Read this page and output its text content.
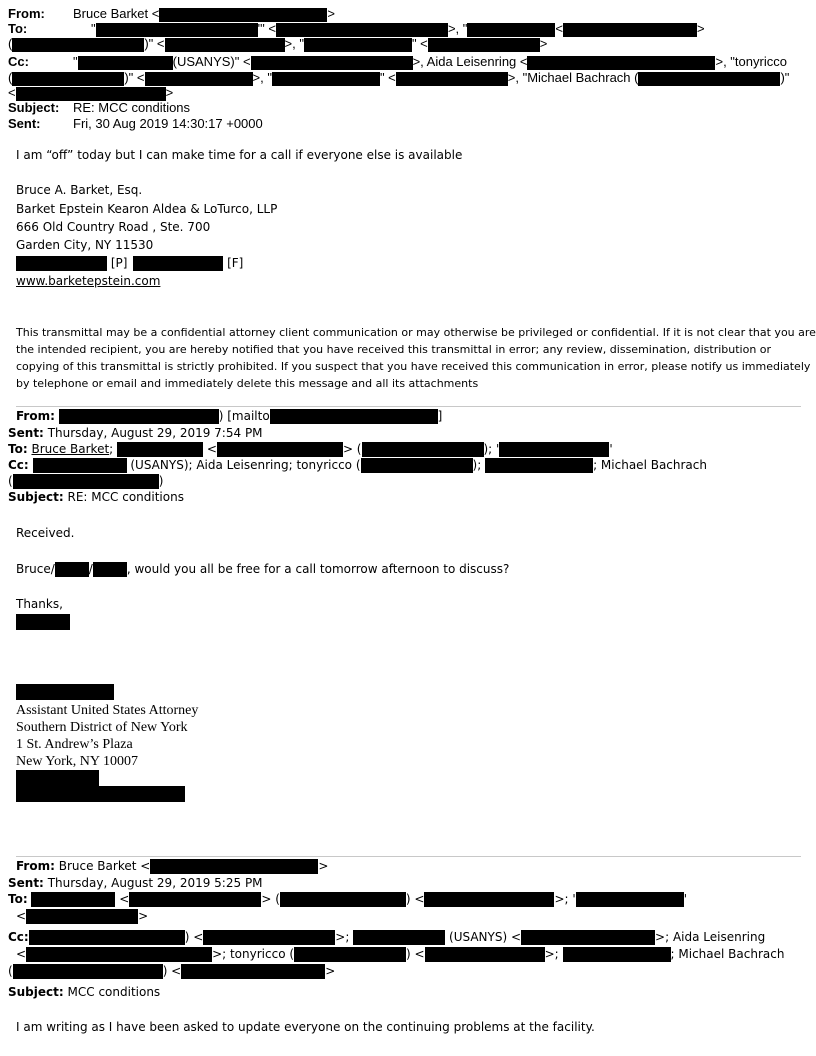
From: Bruce Barket <	>
To:	"	'" <	>, "	<	>
(	)" <	>, "	" <	>
Cc:	"	(USANYS)" <	>, Aida Leisenring <	>, "tonyricco
(	)" <	>, "	" <	>, "Michael Bachrach (	)"
<	>
Subject: RE: MCC conditions
Sent:	Fri, 30 Aug 2019 14:30:17 +0000
I am “off” today but I can make time for a call if everyone else is available
Bruce A. Barket, Esq.
Barket Epstein Kearon Aldea & LoTurco, LLP
666 Old Country Road , Ste. 700
Garden City, NY 11530
[P]	[F]
www.barketepstein.com
This transmittal may be a confidential attorney client communication or may otherwise be privileged or confidential. If it is not clear that you are
the intended recipient, you are hereby notified that you have received this transmittal in error; any review, dissemination, distribution or
copying of this transmittal is strictly prohibited. If you suspect that you have received this communication in error, please notify us immediately
by telephone or email and immediately delete this message and all its attachments
From:	) [mailto	]
Sent: Thursday, August 29, 2019 7:54 PM
To: Bruce Barket;	<	> (	); '	'
Cc:	(USANYS); Aida Leisenring; tonyricco (	);	; Michael Bachrach
(	)
Subject: RE: MCC conditions
Received.
Bruce/	/	, would you all be free for a call tomorrow afternoon to discuss?
Thanks,
Assistant United States Attorney
Southern District of New York
1 St. Andrew’s Plaza
New York, NY 10007
From: Bruce Barket <	>
Sent: Thursday, August 29, 2019 5:25 PM
To:	<	> (	) <	>; '	'
<	>
Cc:	) <	>;	(USANYS) <	>; Aida Leisenring
<	>; tonyricco (	) <	>;	; Michael Bachrach
(	) <	>
Subject: MCC conditions
I am writing as I have been asked to update everyone on the continuing problems at the facility.
